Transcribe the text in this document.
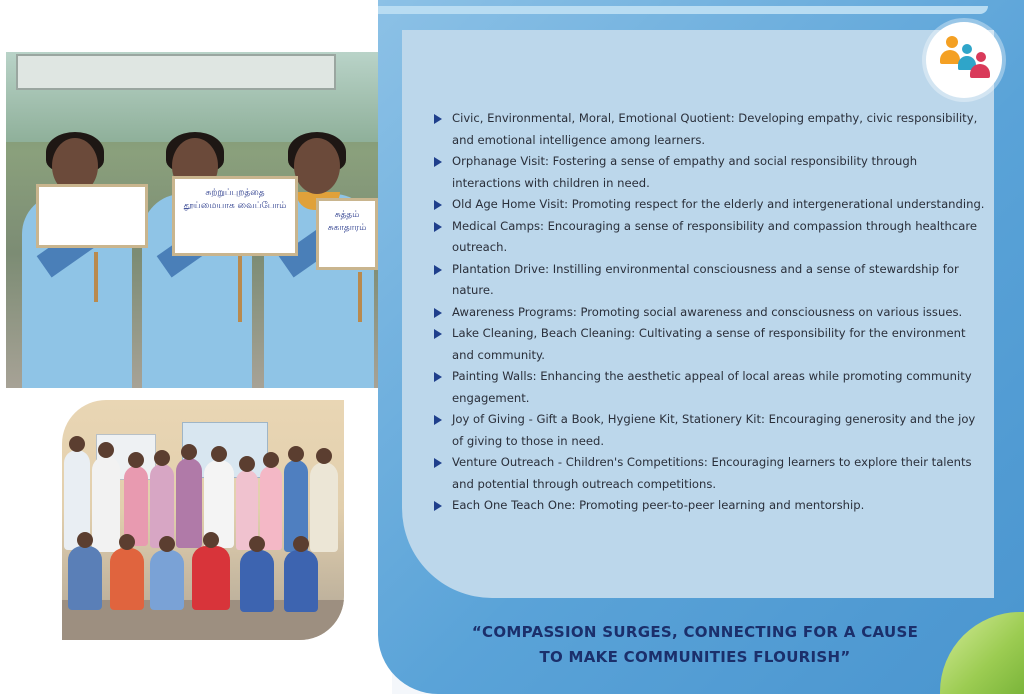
சுற்றுப்புறத்தை தூய்மையாக வைப்போம்
சுத்தம் சுகாதாரம்
Civic, Environmental, Moral, Emotional Quotient: Developing empathy, civic responsibility, and emotional intelligence among learners.
Orphanage Visit: Fostering a sense of empathy and social responsibility through interactions with children in need.
Old Age Home Visit: Promoting respect for the elderly and intergenerational understanding.
Medical Camps: Encouraging a sense of responsibility and compassion through healthcare outreach.
Plantation Drive: Instilling environmental consciousness and a sense of stewardship for nature.
Awareness Programs: Promoting social awareness and consciousness on various issues.
Lake Cleaning, Beach Cleaning: Cultivating a sense of responsibility for the environment and community.
Painting Walls: Enhancing the aesthetic appeal of local areas while promoting community engagement.
Joy of Giving - Gift a Book, Hygiene Kit, Stationery Kit: Encouraging generosity and the joy of giving to those in need.
Venture Outreach - Children's Competitions: Encouraging learners to explore their talents and potential through outreach competitions.
Each One Teach One: Promoting peer-to-peer learning and mentorship.
“COMPASSION SURGES, CONNECTING FOR A CAUSE
TO MAKE COMMUNITIES FLOURISH”
